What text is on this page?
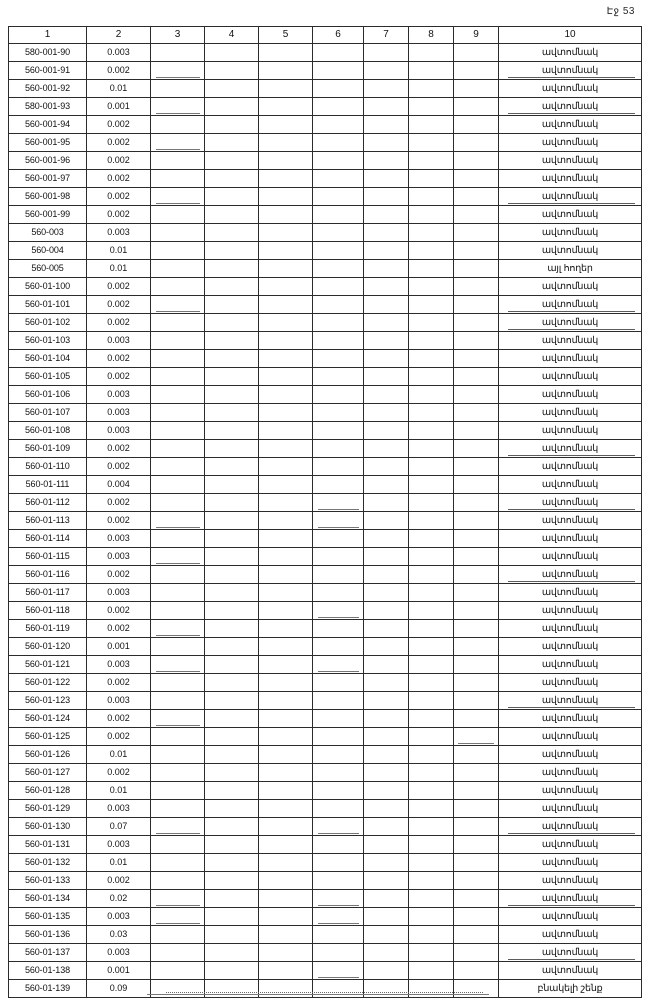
Էջ 53
1	2	3	4	5	6	7	8	9	10
580-001-90	0.003								ավտոմնակ
560-001-91	0.002								ավտոմնակ
560-001-92	0.01								ավտոմնակ
580-001-93	0.001								ավտոմնակ
560-001-94	0.002								ավտոմնակ
560-001-95	0.002								ավտոմնակ
560-001-96	0.002								ավտոմնակ
560-001-97	0.002								ավտոմնակ
560-001-98	0.002								ավտոմնակ
560-001-99	0.002								ավտոմնակ
560-003	0.003								ավտոմնակ
560-004	0.01								ավտոմնակ
560-005	0.01								այլ հողեր
560-01-100	0.002								ավտոմնակ
560-01-101	0.002								ավտոմնակ
560-01-102	0.002								ավտոմնակ
560-01-103	0.003								ավտոմնակ
560-01-104	0.002								ավտոմնակ
560-01-105	0.002								ավտոմնակ
560-01-106	0.003								ավտոմնակ
560-01-107	0.003								ավտոմնակ
560-01-108	0.003								ավտոմնակ
560-01-109	0.002								ավտոմնակ
560-01-110	0.002								ավտոմնակ
560-01-111	0.004								ավտոմնակ
560-01-112	0.002								ավտոմնակ
560-01-113	0.002								ավտոմնակ
560-01-114	0.003								ավտոմնակ
560-01-115	0.003								ավտոմնակ
560-01-116	0.002								ավտոմնակ
560-01-117	0.003								ավտոմնակ
560-01-118	0.002								ավտոմնակ
560-01-119	0.002								ավտոմնակ
560-01-120	0.001								ավտոմնակ
560-01-121	0.003								ավտոմնակ
560-01-122	0.002								ավտոմնակ
560-01-123	0.003								ավտոմնակ
560-01-124	0.002								ավտոմնակ
560-01-125	0.002								ավտոմնակ
560-01-126	0.01								ավտոմնակ
560-01-127	0.002								ավտոմնակ
560-01-128	0.01								ավտոմնակ
560-01-129	0.003								ավտոմնակ
560-01-130	0.07								ավտոմնակ
560-01-131	0.003								ավտոմնակ
560-01-132	0.01								ավտոմնակ
560-01-133	0.002								ավտոմնակ
560-01-134	0.02								ավտոմնակ
560-01-135	0.003								ավտոմնակ
560-01-136	0.03								ավտոմնակ
560-01-137	0.003								ավտոմնակ
560-01-138	0.001								ավտոմնակ
560-01-139	0.09								բնակելի շենք
